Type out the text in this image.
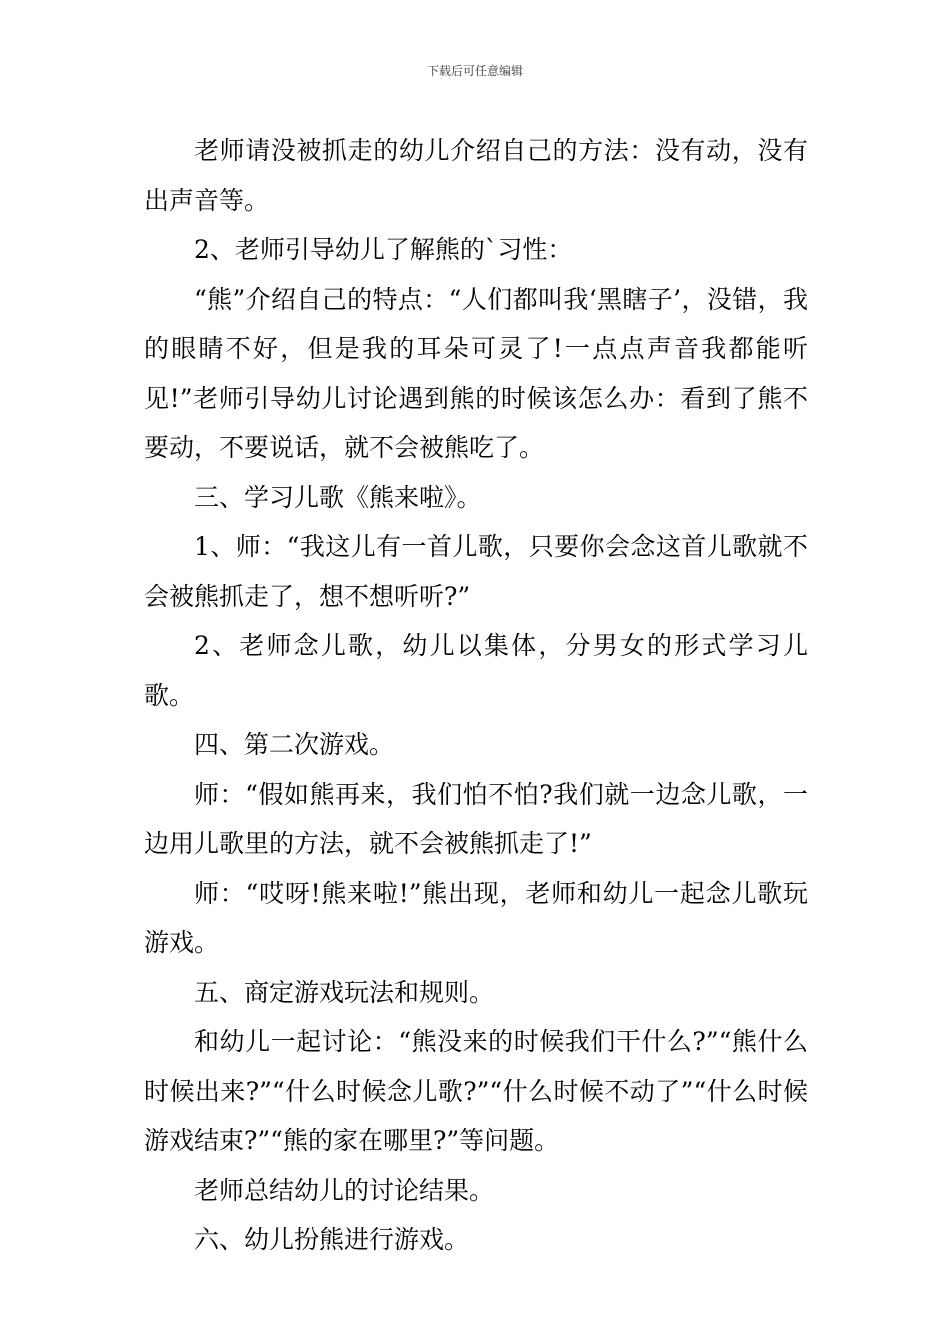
下载后可任意编辑

老师请没被抓走的幼儿介绍自己的方法：没有动，没有出声音等。

2、老师引导幼儿了解熊的`习性：

“熊”介绍自己的特点：“人们都叫我‘黑瞎子’，没错，我的眼睛不好，但是我的耳朵可灵了!一点点声音我都能听见!”老师引导幼儿讨论遇到熊的时候该怎么办：看到了熊不要动，不要说话，就不会被熊吃了。

三、学习儿歌《熊来啦》。

1、师：“我这儿有一首儿歌，只要你会念这首儿歌就不会被熊抓走了，想不想听听?”

2、老师念儿歌，幼儿以集体，分男女的形式学习儿歌。

四、第二次游戏。

师：“假如熊再来，我们怕不怕?我们就一边念儿歌，一边用儿歌里的方法，就不会被熊抓走了!”

师：“哎呀!熊来啦!”熊出现，老师和幼儿一起念儿歌玩游戏。

五、商定游戏玩法和规则。

和幼儿一起讨论：“熊没来的时候我们干什么?”“熊什么时候出来?”“什么时候念儿歌?”“什么时候不动了”“什么时候游戏结束?”“熊的家在哪里?”等问题。

老师总结幼儿的讨论结果。

六、幼儿扮熊进行游戏。
